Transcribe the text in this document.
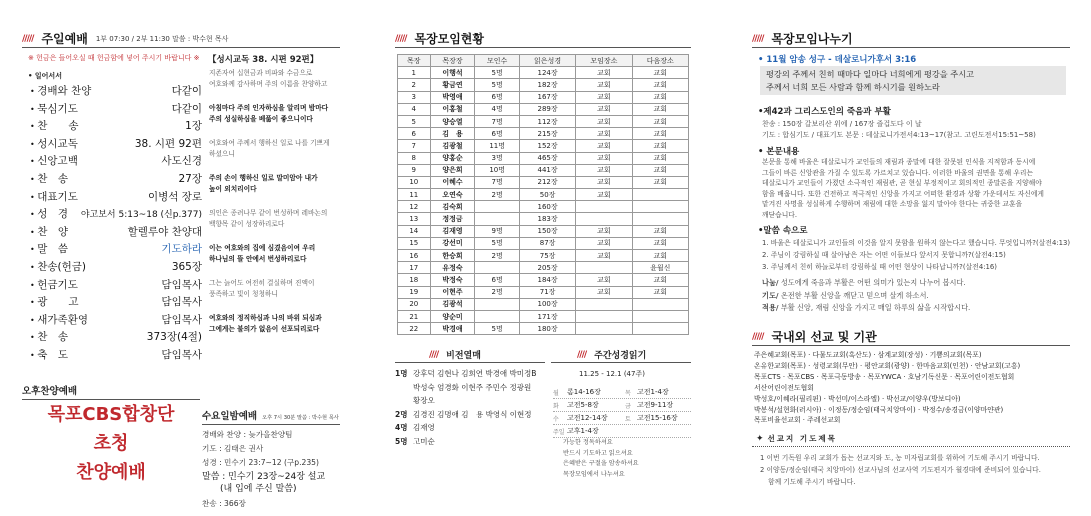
///// 주일예배 1부 07:30 / 2부 11:30 말씀 : 박수현 목사
※ 헌금은 들어오실 때 헌금함에 넣어 주시기 바랍니다 ※
• 일어서서
• 경배와 찬양	다같이
• 묵심기도	다같이
• 찬　　송	1장
• 성시교독	38. 시편 92편
• 신앙고백	사도신경
• 찬　송	27장
• 대표기도	이병석 장로
• 성　경 야고보서 5:13~18 (신p.377)
• 찬　양	할렐루야 찬양대
• 말　씀	기도하라
• 찬송(헌금)	365장
• 헌금기도	담임목사
• 광　　고	담임목사
• 새가족환영	담임목사
• 찬　송	373장(4절)
• 축　도	담임목사
【성시교독 38. 시편 92편】
지존자여 십현금과 비파와 수금으로
여호와께 감사하며 주의 이름을 찬양하고
아침마다 주의 인자하심을 알리며 밤마다
주의 성실하심을 베풂이 좋으니이다
여호와여 주께서 행하신 일로 나를 기쁘게
하셨으니
주의 손이 행하신 일로 말미암아 내가
높이 외치리이다
의인은 종려나무 같이 번성하며 레바논의
백향목 같이 성장하리로다
이는 여호와의 집에 심겼음이여 우리
하나님의 뜰 안에서 번성하리로다
그는 늙어도 여전히 결실하며 진액이
풍족하고 빛이 청청하니
여호와의 정직하심과 나의 바위 되심과
그에게는 불의가 없음이 선포되리로다
오후찬양예배
목포CBS합창단
초청
찬양예배
수요일밤예배 오후 7시 30분 말씀 : 박수현 목사
경배와 찬양 : 늦가을찬양팀
기도 : 김태은 권사
성경 : 민수기 23:7~12 (구p.235)
말씀 : 민수기 23장~24장 설교
(내 입에 주신 말씀)
찬송 : 366장
///// 목장모임현황
목장	목장장	모인수	읽은성경	모임장소	다음장소
1	이행석	5명	124장	교회	교회
2	황금연	5명	182장	교회	교회
3	박영애	6명	167장	교회	교회
4	이홍철	4명	289장	교회	교회
5	양승열	7명	112장	교회	교회
6	김　용	6명	215장	교회	교회
7	김광철	11명	152장	교회	교회
8	양홍순	3명	465장	교회	교회
9	양은희	10명	441장	교회	교회
10	이혜수	7명	212장	교회	교회
11	오연숙	2명	50장	교회	
12	김숙희		160장		
13	정정금		183장		
14	김재영	9명	150장	교회	교회
15	강선미	5명	87장	교회	교회
16	한승희	2명	75장	교회	교회
17	유정숙		205장		윤월신
18	박정숙	6명	184장	교회	교회
19	이현주	2명	71장	교회	교회
20	김광석		100장		
21	양순미		171장		
22	박경애	5명	180장		
//// 비전열매
1명 강후덕 김현나 김희연 박경애 박미정B
박성숙 엄경화 이현주 주민수 정광원
황장오
2명 김경진 김명애 김　용 박영식 이현정
4명 김재영
5명 고미순
//// 주간성경읽기
11.25 - 12.1 (47주)
월	롬14-16장	목 고전1-4장
화	고전5-8장	금 고전9-11장
수	고전12-14장	토 고전15-16장
주일 고후1-4장
가능한 정독하셔요
반드시 기도하고 읽으셔요
은혜받은 구절을 암송하셔요
목장모임에서 나누셔요
///// 목장모임나누기
• 11월 암송 성구 - 데살로니가후서 3:16
평강의 주께서 친히 때마다 일마다 너희에게 평강을 주시고
주께서 너희 모든 사람과 함께 하시기를 원하노라
•제42과 그리스도인의 죽음과 부활
찬송 : 150장 갈보리산 위에 / 167장 즐겁도다 이 날
기도 : 합심기도 / 대표기도 본문 : 데살로니가전서4:13~17(참고. 고린도전서15:51~58)
• 본문내용
본문을 통해 바울은 데살로니가 교인들의 재림과 종말에 대한 잘못된 인식을 지적함과 동시에
그들이 바른 신앙관을 가질 수 있도록 가르치고 있습니다. 이러한 바울의 권면을 통해 우리는
데살로니가 교인들이 가졌던 소극적인 재림관, 곧 현실 부정적이고 회의적인 종말론을 지양해야
함을 배웁니다. 또한 건전하고 적극적인 신앙을 가지고 어떠한 환경과 상황 가운데서도 자신에게
맡겨진 사명을 성실하게 수행하며 재림에 대한 소망을 잃지 말아야 한다는 귀중한 교훈을
깨닫습니다.
•말씀 속으로
1. 바울은 데살로니가 교인들의 이것을 알지 못함을 원하지 않는다고 했습니다. 무엇입니까?(살전4:13)
2. 주님이 강림하실 때 살아남은 자는 어떤 이들보다 앞서지 못합니까?(살전4:15)
3. 주님께서 친히 하늘로부터 강림하실 때 어떤 현상이 나타납니까?(살전4:16)
나눔/ 성도에게 죽음과 부활은 어떤 의미가 있는지 나누어 봅시다.
기도/ 온전한 부활 신앙을 깨닫고 믿으며 살게 하소서.
적용/ 부활 신앙, 재림 신앙을 가지고 매일 하루의 삶을 시작합시다.
///// 국내외 선교 및 기관
주은혜교회(목포) · 다물도교회(흑산도) · 삼계교회(장성) · 기쁨의교회(목포)
온유한교회(목포) · 성령교회(무안) · 평안교회(광양) · 한마음교회(인천) · 안남교회(고흥)
목포CTS · 목포CBS · 목포극동방송 · 목포YWCA · 호남기독신문 · 목포어린이전도협회
서산어린이전도협회
박성호/이혜라(필리핀) · 박선미/이스라엘) · 박선교/이양우(방보디아)
박봉석/설현화(러시아) · 이정동/정순임(태국치앙마이) · 박정수/송경금(이양마얀관)
목포비율선교회 · 주레선교회
✦ 선교지 기도제목
1 이번 기독원 우리 교회가 돕는 선교지와 도, 농 미자립교회를 위하여 기도해 주시기 바랍니다.
2 이양동/정순임(태국 치앙마이) 선교사님의 선교사역 기도편지가 월경대에 준비되어 있습니다.
함께 기도해 주시기 바랍니다.
